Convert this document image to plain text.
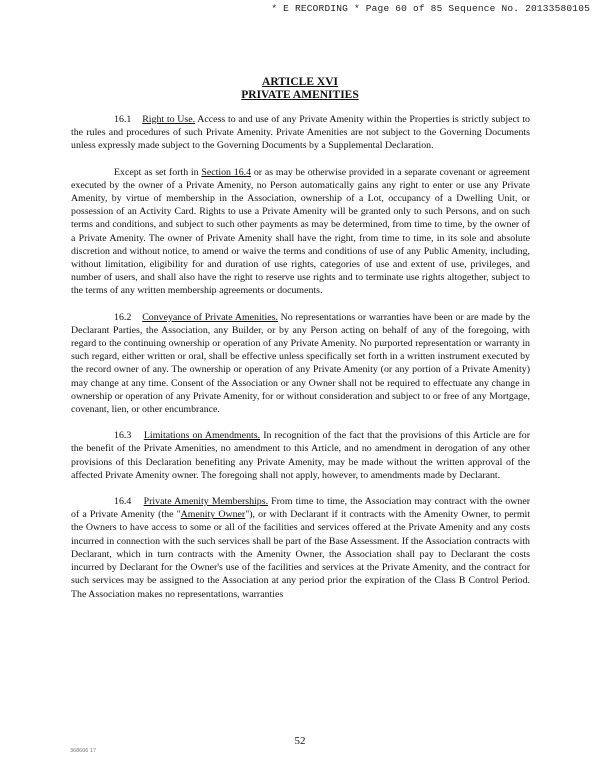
* E RECORDING * Page 60 of 85 Sequence No. 20133580105
ARTICLE XVI
PRIVATE AMENITIES

16.1 Right to Use. Access to and use of any Private Amenity within the Properties is strictly subject to the rules and procedures of such Private Amenity. Private Amenities are not subject to the Governing Documents unless expressly made subject to the Governing Documents by a Supplemental Declaration.

Except as set forth in Section 16.4 or as may be otherwise provided in a separate covenant or agreement executed by the owner of a Private Amenity, no Person automatically gains any right to enter or use any Private Amenity, by virtue of membership in the Association, ownership of a Lot, occupancy of a Dwelling Unit, or possession of an Activity Card. Rights to use a Private Amenity will be granted only to such Persons, and on such terms and conditions, and subject to such other payments as may be determined, from time to time, by the owner of a Private Amenity. The owner of Private Amenity shall have the right, from time to time, in its sole and absolute discretion and without notice, to amend or waive the terms and conditions of use of any Public Amenity, including, without limitation, eligibility for and duration of use rights, categories of use and extent of use, privileges, and number of users, and shall also have the right to reserve use rights and to terminate use rights altogether, subject to the terms of any written membership agreements or documents.

16.2 Conveyance of Private Amenities. No representations or warranties have been or are made by the Declarant Parties, the Association, any Builder, or by any Person acting on behalf of any of the foregoing, with regard to the continuing ownership or operation of any Private Amenity. No purported representation or warranty in such regard, either written or oral, shall be effective unless specifically set forth in a written instrument executed by the record owner of any. The ownership or operation of any Private Amenity (or any portion of a Private Amenity) may change at any time. Consent of the Association or any Owner shall not be required to effectuate any change in ownership or operation of any Private Amenity, for or without consideration and subject to or free of any Mortgage, covenant, lien, or other encumbrance.

16.3 Limitations on Amendments. In recognition of the fact that the provisions of this Article are for the benefit of the Private Amenities, no amendment to this Article, and no amendment in derogation of any other provisions of this Declaration benefiting any Private Amenity, may be made without the written approval of the affected Private Amenity owner. The foregoing shall not apply, however, to amendments made by Declarant.

16.4 Private Amenity Memberships. From time to time, the Association may contract with the owner of a Private Amenity (the "Amenity Owner"), or with Declarant if it contracts with the Amenity Owner, to permit the Owners to have access to some or all of the facilities and services offered at the Private Amenity and any costs incurred in connection with the such services shall be part of the Base Assessment. If the Association contracts with Declarant, which in turn contracts with the Amenity Owner, the Association shall pay to Declarant the costs incurred by Declarant for the Owner's use of the facilities and services at the Private Amenity, and the contract for such services may be assigned to the Association at any period prior the expiration of the Class B Control Period. The Association makes no representations, warranties

368606 17
52
